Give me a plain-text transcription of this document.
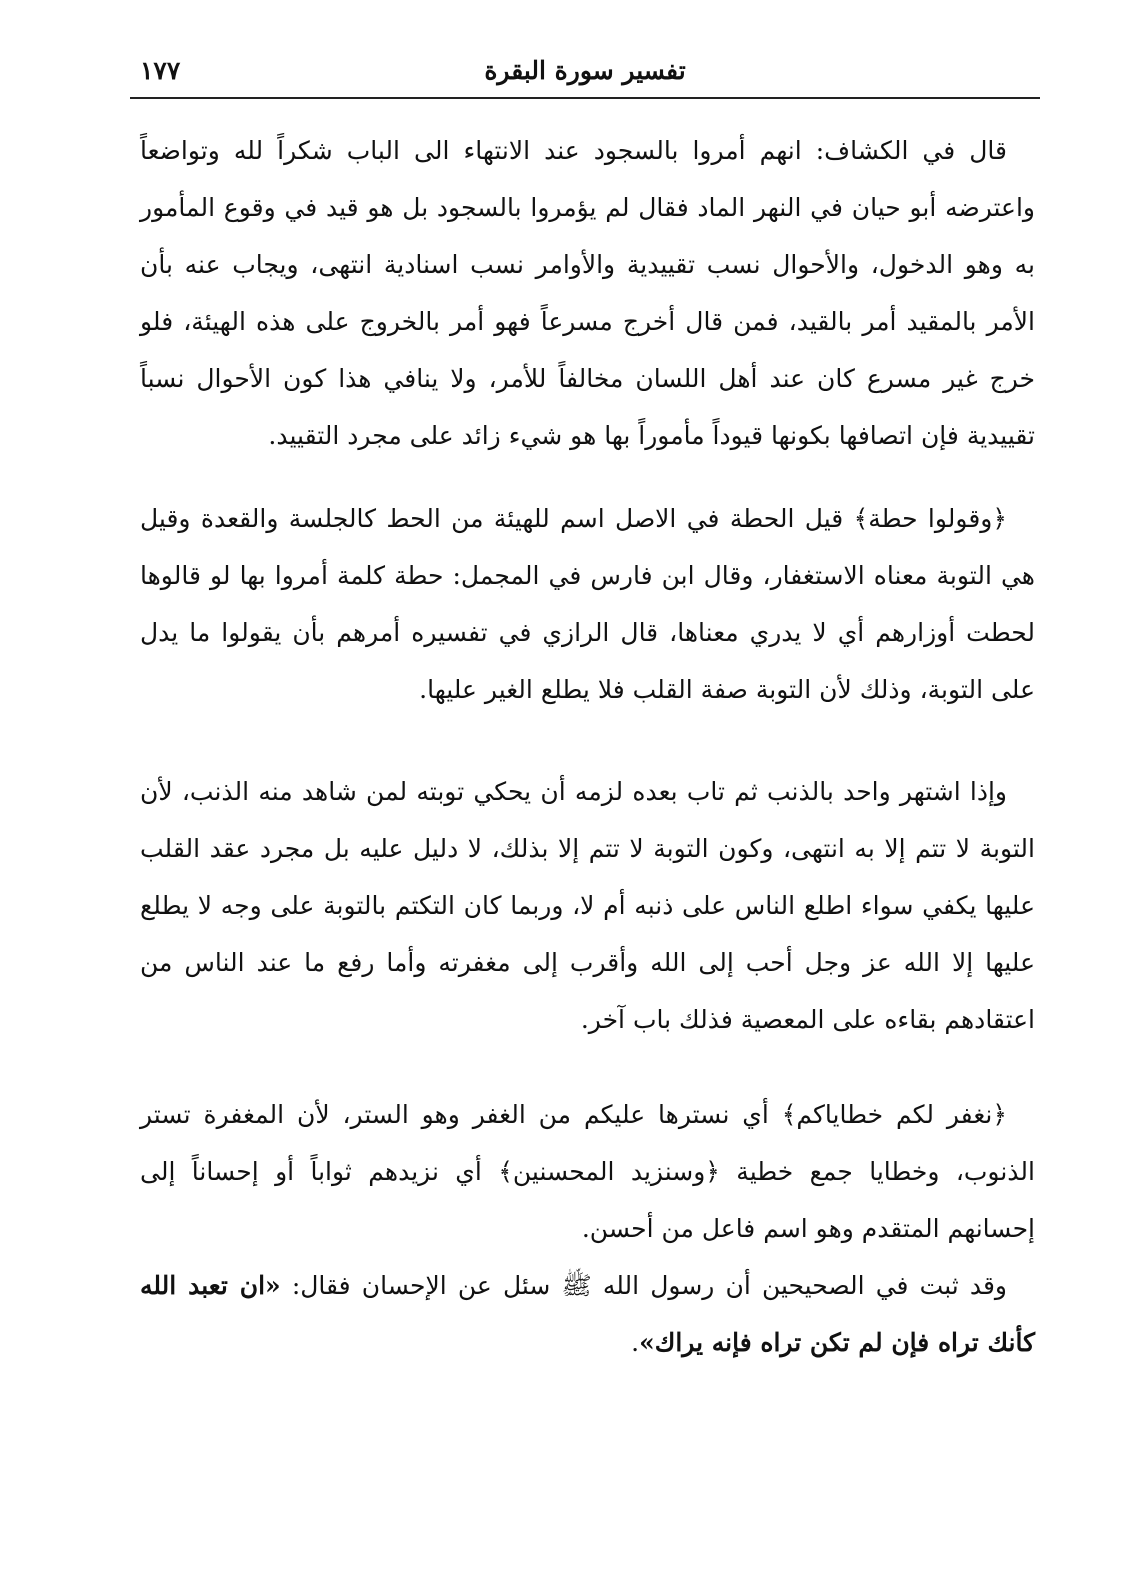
تفسير سورة البقرة
١٧٧

قال في الكشاف: انهم أمروا بالسجود عند الانتهاء الى الباب شكراً لله وتواضعاً واعترضه أبو حيان في النهر الماد فقال لم يؤمروا بالسجود بل هو قيد في وقوع المأمور به وهو الدخول، والأحوال نسب تقييدية والأوامر نسب اسنادية انتهى، ويجاب عنه بأن الأمر بالمقيد أمر بالقيد، فمن قال أخرج مسرعاً فهو أمر بالخروج على هذه الهيئة، فلو خرج غير مسرع كان عند أهل اللسان مخالفاً للأمر، ولا ينافي هذا كون الأحوال نسباً تقييدية فإن اتصافها بكونها قيوداً مأموراً بها هو شيء زائد على مجرد التقييد.

﴿وقولوا حطة﴾ قيل الحطة في الاصل اسم للهيئة من الحط كالجلسة والقعدة وقيل هي التوبة معناه الاستغفار، وقال ابن فارس في المجمل: حطة كلمة أمروا بها لو قالوها لحطت أوزارهم أي لا يدري معناها، قال الرازي في تفسيره أمرهم بأن يقولوا ما يدل على التوبة، وذلك لأن التوبة صفة القلب فلا يطلع الغير عليها.

وإذا اشتهر واحد بالذنب ثم تاب بعده لزمه أن يحكي توبته لمن شاهد منه الذنب، لأن التوبة لا تتم إلا به انتهى، وكون التوبة لا تتم إلا بذلك، لا دليل عليه بل مجرد عقد القلب عليها يكفي سواء اطلع الناس على ذنبه أم لا، وربما كان التكتم بالتوبة على وجه لا يطلع عليها إلا الله عز وجل أحب إلى الله وأقرب إلى مغفرته وأما رفع ما عند الناس من اعتقادهم بقاءه على المعصية فذلك باب آخر.

﴿نغفر لكم خطاياكم﴾ أي نسترها عليكم من الغفر وهو الستر، لأن المغفرة تستر الذنوب، وخطايا جمع خطية ﴿وسنزيد المحسنين﴾ أي نزيدهم ثواباً أو إحساناً إلى إحسانهم المتقدم وهو اسم فاعل من أحسن.

وقد ثبت في الصحيحين أن رسول الله ﷺ سئل عن الإحسان فقال: «ان تعبد الله كأنك تراه فإن لم تكن تراه فإنه يراك».
